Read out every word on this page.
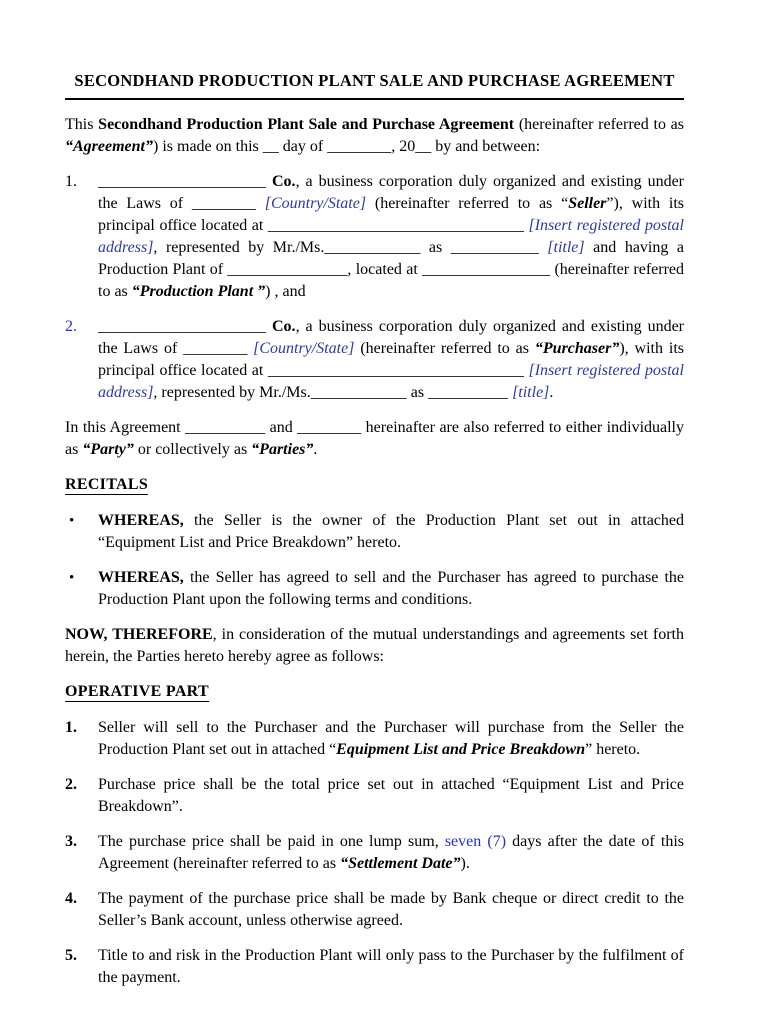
SECONDHAND PRODUCTION PLANT SALE AND PURCHASE AGREEMENT

This Secondhand Production Plant Sale and Purchase Agreement (hereinafter referred to as “Agreement”) is made on this __ day of ________, 20__ by and between:

1.	_____________________ Co., a business corporation duly organized and existing under the Laws of ________ [Country/State] (hereinafter referred to as “Seller”), with its principal office located at ________________________________ [Insert registered postal address], represented by Mr./Ms.____________ as ___________ [title] and having a Production Plant of _______________, located at ________________ (hereinafter referred to as “Production Plant ”) , and
2.	_____________________ Co., a business corporation duly organized and existing under the Laws of ________ [Country/State] (hereinafter referred to as “Purchaser”), with its principal office located at ________________________________ [Insert registered postal address], represented by Mr./Ms.____________ as __________ [title].

In this Agreement __________ and ________ hereinafter are also referred to either individually as “Party” or collectively as “Parties”.

RECITALS
•	WHEREAS, the Seller is the owner of the Production Plant set out in attached “Equipment List and Price Breakdown” hereto.
•	WHEREAS, the Seller has agreed to sell and the Purchaser has agreed to purchase the Production Plant upon the following terms and conditions.

NOW, THEREFORE, in consideration of the mutual understandings and agreements set forth herein, the Parties hereto hereby agree as follows:

OPERATIVE PART
1.	Seller will sell to the Purchaser and the Purchaser will purchase from the Seller the Production Plant set out in attached “Equipment List and Price Breakdown” hereto.
2.	Purchase price shall be the total price set out in attached “Equipment List and Price Breakdown”.
3.	The purchase price shall be paid in one lump sum, seven (7) days after the date of this Agreement (hereinafter referred to as “Settlement Date”).
4.	The payment of the purchase price shall be made by Bank cheque or direct credit to the Seller’s Bank account, unless otherwise agreed.
5.	Title to and risk in the Production Plant will only pass to the Purchaser by the fulfilment of the payment.
